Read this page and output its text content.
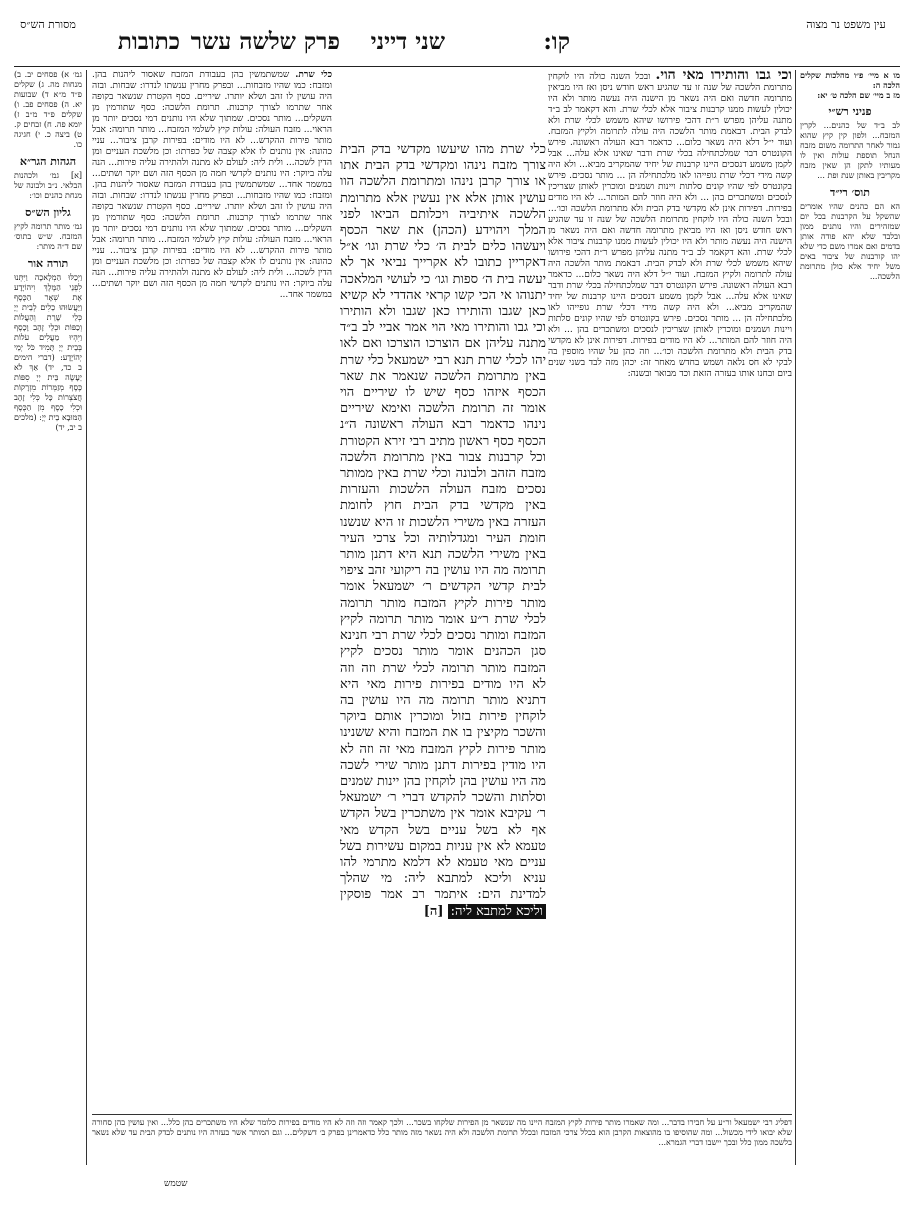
עין משפט נר מצוה
קו:
שני דייני
פרק שלשה עשר
כתובות
מסורת הש״ס
מו א מיי׳ פ״ו מהלכות שקלים הלכה ה:
מז ב מיי׳ שם הלכה ט׳ יא:
פניני רש״י
לב ב״ד של כהנים... לקרין המזבח... ולפון קין קיץ שהוא גמור לאחר התרומה משום מזבח הנחל תוספת עולות ואין לו מעותיו לתקן הן שאין מזבח מקריבין באותן שנת ופת ...
תוס׳ רי״ד
הא הם כהנים שהיו אומרים שהשקל על הקרבנות בכל יום שמזהירים והיו נותנים ממון ובלבד שלא יהא פודה אותן בדמים ואם אמרו משם כדי שלא יהו קורבנות של ציבור באים משל יחיד אלא כולן מתרומת הלשכה...
גמ׳ א) פסחים יב. ב) מנחות מה. ג) שקלים פ״ד מ״א ד) שבועות יא. ה) פסחים פב. ו) שקלים פ״ד מ״ב ז) יומא פה. ח) זבחים ק. ט) ביצה כ. י) חגיגה כו.
הגהות הגר״א
[א] גמ׳ ולכהנות הבלאי. נ״ב ולבונה של מנחת כהנים וכו׳:
גליון הש״ס
גמ׳ מותר תרומה לקיץ המזבח. ש״ש בתוס׳ שם ד״ה מותר:
תורה אור
וַיְכַלּוּ הַמְלָאכָה וַיִּתְּנוּ לִפְנֵי הַמֶּלֶךְ וִיהוֹיָדָע אֶת שְׁאָר הַכֶּסֶף וַיַּעֲשׂוּהוּ כֵלִים לְבֵית יְיָ כְּלֵי שָׁרֵת וְהַעֲלוֹת וְכַפּוֹת וּכְלֵי זָהָב וָכָסֶף וַיִּהְיוּ מַעֲלִים עֹלוֹת בְּבֵית יְיָ תָּמִיד כֹּל יְמֵי יְהוֹיָדָע: (דברי הימים ב כד, יד) אַךְ לֹא יֵעָשֶׂה בֵּית יְיָ סִפּוֹת כֶּסֶף מְזַמְּרוֹת מִזְרָקוֹת חֲצֹצְרוֹת כָּל כְּלִי זָהָב וּכְלִי כָסֶף מִן הַכֶּסֶף הַמּוּבָא בֵית יְיָ: (מלכים ב יב, יד)
כלי שרת. שמשתמשין בהן בעבודת המזבח שאסור ליהנות בהן. ומזבח: כמו שהיו מזבחות... ובפרק מחרין ענשתו לנדרו: שבחות. ובזה היה עושין לו זהב ושלא יותרו. שיריים. כסף הקטרת שנשאר בקופה אחר שתרמו לצורך קרבנות. תרומת הלשכה: כסף שתורמין מן השקלים... מותר נסכים. שמתוך שלא היו נותנים דמי נסכים יותר מן הראוי... מזבח העולה: עולות קיץ לשלמי המזבח... מותר תרומה: אבל מותר פירות ההקדש... לא היו מודים: בפירות קרבן ציבור... עניי כהונה: אין נותנים לו אלא קצבה של כפרתו: וכן מלשכת העניים ומן הדין לשכה... ולית ליה: לעולם לא מתנה ולהתירה עליה פירות... הנה עלה ביוקר: היו נותנים לקדשי חמה מן הכסף הזה ושם יוקר ושתים... במשמר אחד... שמשתמשין בהן בעבודת המזבח שאסור ליהנות בהן. ומזבח: כמו שהיו מזבחות... ובפרק מחרין ענשתו לנדרו: שבחות. ובזה היה עושין לו זהב ושלא יותרו. שיריים. כסף הקטרת שנשאר בקופה אחר שתרמו לצורך קרבנות. תרומת הלשכה: כסף שתורמין מן השקלים... מותר נסכים. שמתוך שלא היו נותנים דמי נסכים יותר מן הראוי... מזבח העולה: עולות קיץ לשלמי המזבח... מותר תרומה: אבל מותר פירות ההקדש... לא היו מודים: בפירות קרבן ציבור... עניי כהונה: אין נותנים לו אלא קצבה של כפרתו: וכן מלשכת העניים ומן הדין לשכה... ולית ליה: לעולם לא מתנה ולהתירה עליה פירות... הנה עלה ביוקר: היו נותנים לקדשי חמה מן הכסף הזה ושם יוקר ושתים... במשמר אחד...
וכי גבו והותירו מאי הוי. ובכל השנה כולה היו לוקחין מתרומת הלשכה של שנה זו עד שהגיע ראש חודש ניסן ואז היו מביאין מתרומה חדשה ואם היה נשאר מן הישנה היה נעשה מותר ולא היו יכולין לעשות ממנו קרבנות ציבור אלא לכלי שרת. והא דקאמר לב ב״ד מתנה עליהן מפרש ר״ת דהכי פירושו שיהא משמש לכלי שרת ולא לבדק הבית. דבאמת מותר הלשכה היה עולה לתרומה ולקיץ המזבח. ועוד י״ל דלא היה נשאר כלום... כדאמר רבא העולה ראשונה. פירש הקונטרס דבר שמלכתחילה בכלי שרת ודבר שאינו אלא עלה... אבל לקמן משמע דנסכים היינו קרבנות של יחיד שהמקריב מביא... ולא היה קשה מידי דכלי שרת גופייהו לאו מלכתחילה הן ... מותר נסכים. פירש בקונטרס לפי שהיו קונים סלתות ויינות ושמנים ומוכרין לאותן שצריכין לנסכים ומשתכרים בהן ... ולא היה חוזר להם המותר... לא היו מודים בפירות. דפירות אינן לא מקדשי בדק הבית ולא מתרומת הלשכה וכו׳... ובכל השנה כולה היו לוקחין מתרומת הלשכה של שנה זו עד שהגיע ראש חודש ניסן ואז היו מביאין מתרומה חדשה ואם היה נשאר מן הישנה היה נעשה מותר ולא היו יכולין לעשות ממנו קרבנות ציבור אלא לכלי שרת. והא דקאמר לב ב״ד מתנה עליהן מפרש ר״ת דהכי פירושו שיהא משמש לכלי שרת ולא לבדק הבית. דבאמת מותר הלשכה היה עולה לתרומה ולקיץ המזבח. ועוד י״ל דלא היה נשאר כלום... כדאמר רבא העולה ראשונה. פירש הקונטרס דבר שמלכתחילה בכלי שרת ודבר שאינו אלא עלה... אבל לקמן משמע דנסכים היינו קרבנות של יחיד שהמקריב מביא... ולא היה קשה מידי דכלי שרת גופייהו לאו מלכתחילה הן ... מותר נסכים. פירש בקונטרס לפי שהיו קונים סלתות ויינות ושמנים ומוכרין לאותן שצריכין לנסכים ומשתכרים בהן ... ולא היה חוזר להם המותר... לא היו מודים בפירות. דפירות אינן לא מקדשי בדק הבית ולא מתרומת הלשכה וכו׳... וזה כהן על שהיו מוספין בה לבקי לא חס נלאה ושמש בחדש מאחר זה: יכהן מזה לבד בשני שנים ביום ובחנו אותו בעזרה הזאת וכד מבואר ובשנה:
כלי שרת מהו שיעשו מקדשי בדק הבית צורך מזבח נינהו ומקדשי בדק הבית אתו או צורך קרבן נינהו ומתרומת הלשכה הוו עושין אותן אלא אין נעשין אלא מתרומת הלשכה איתיביה ויכלותם הביאו לפני המלך ויהוידע (הכהן) את שאר הכסף ויעשהו כלים לבית ה׳ כלי שרת וגו׳ א״ל דאקריין כתובו לא אקרייך נביאי אך לא יעשה בית ה׳ ספות וגו׳ כי לעושי המלאכה יתנוהו אי הכי קשו קראי אהדדי לא קשיא כאן שגבו והותירו כאן שגבו ולא הותירו וכי גבו והותירו מאי הוי אמר אביי לב ב״ד מתנה עליהן אם הוצרכו הוצרכו ואם לאו יהו לכלי שרת תנא רבי ישמעאל כלי שרת באין מתרומת הלשכה שנאמר את שאר הכסף איזהו כסף שיש לו שיריים הוי אומר זה תרומת הלשכה ואימא שיריים נינהו כדאמר רבא העולה ראשונה ה״נ הכסף כסף ראשון מתיב רבי זירא הקטורת וכל קרבנות צבור באין מתרומת הלשכה מזבח הזהב ולבונה וכלי שרת באין ממותר נסכים מזבח העולה הלשכות והעזרות באין מקדשי בדק הבית חוץ לחומת העזרה באין משירי הלשכות זו היא שנשנו חומת העיר ומגדלותיה וכל צרכי העיר באין משירי הלשכה תנא היא דתנן מותר תרומה מה היו עושין בה ריקועי זהב ציפוי לבית קדשי הקדשים ר׳ ישמעאל אומר מותר פירות לקיץ המזבח מותר תרומה לכלי שרת ר״ע אומר מותר תרומה לקיץ המזבח ומותר נסכים לכלי שרת רבי חנינא סגן הכהנים אומר מותר נסכים לקיץ המזבח מותר תרומה לכלי שרת וזה וזה לא היו מודים בפירות פירות מאי היא דתניא מותר תרומה מה היו עושין בה לוקחין פירות בזול ומוכרין אותם ביוקר והשכר מקיצין בו את המזבח והיא ששנינו מותר פירות לקיץ המזבח מאי זה וזה לא היו מודין בפירות דתנן מותר שירי לשכה מה היו עושין בהן לוקחין בהן יינות שמנים וסלתות והשכר להקדש דברי ר׳ ישמעאל ר׳ עקיבא אומר אין משתכרין בשל הקדש אף לא בשל עניים בשל הקדש מאי טעמא לא אין עניות במקום עשירות בשל עניים מאי טעמא לא דלמא מתרמי להו עניא וליכא למתבא ליה: מי שהלך למדינת הים: איתמר רב אמר פוסקין וליכא למתבא ליה: [ה]
דפליג רבי ישמעאל ור״ע על חבירו בדבר... ומה שאמרו מותר פירות לקיץ המזבח היינו מה שנשאר מן הפירות שלקחו בשכר... ולכך קאמר וזה וזה לא היו מודים בפירות כלומר שלא היו משתכרים בהן כלל... ואין עושין בהן סחורה שלא יבואו לידי מכשול... ומה שהוסיפו בו מהוצאות הקרבן הוא בכלל צרכי המזבח ובכלל תרומת הלשכה ולא היה נשאר מזה מותר כלל כדאמרינן בפרק ב׳ דשקלים... וגם המותר אשר בעזרה היו נותנים לבדק הבית עד שלא נשאר בלשכה ממון כלל ובכך יישבו דברי הגמרא...
שטמש
